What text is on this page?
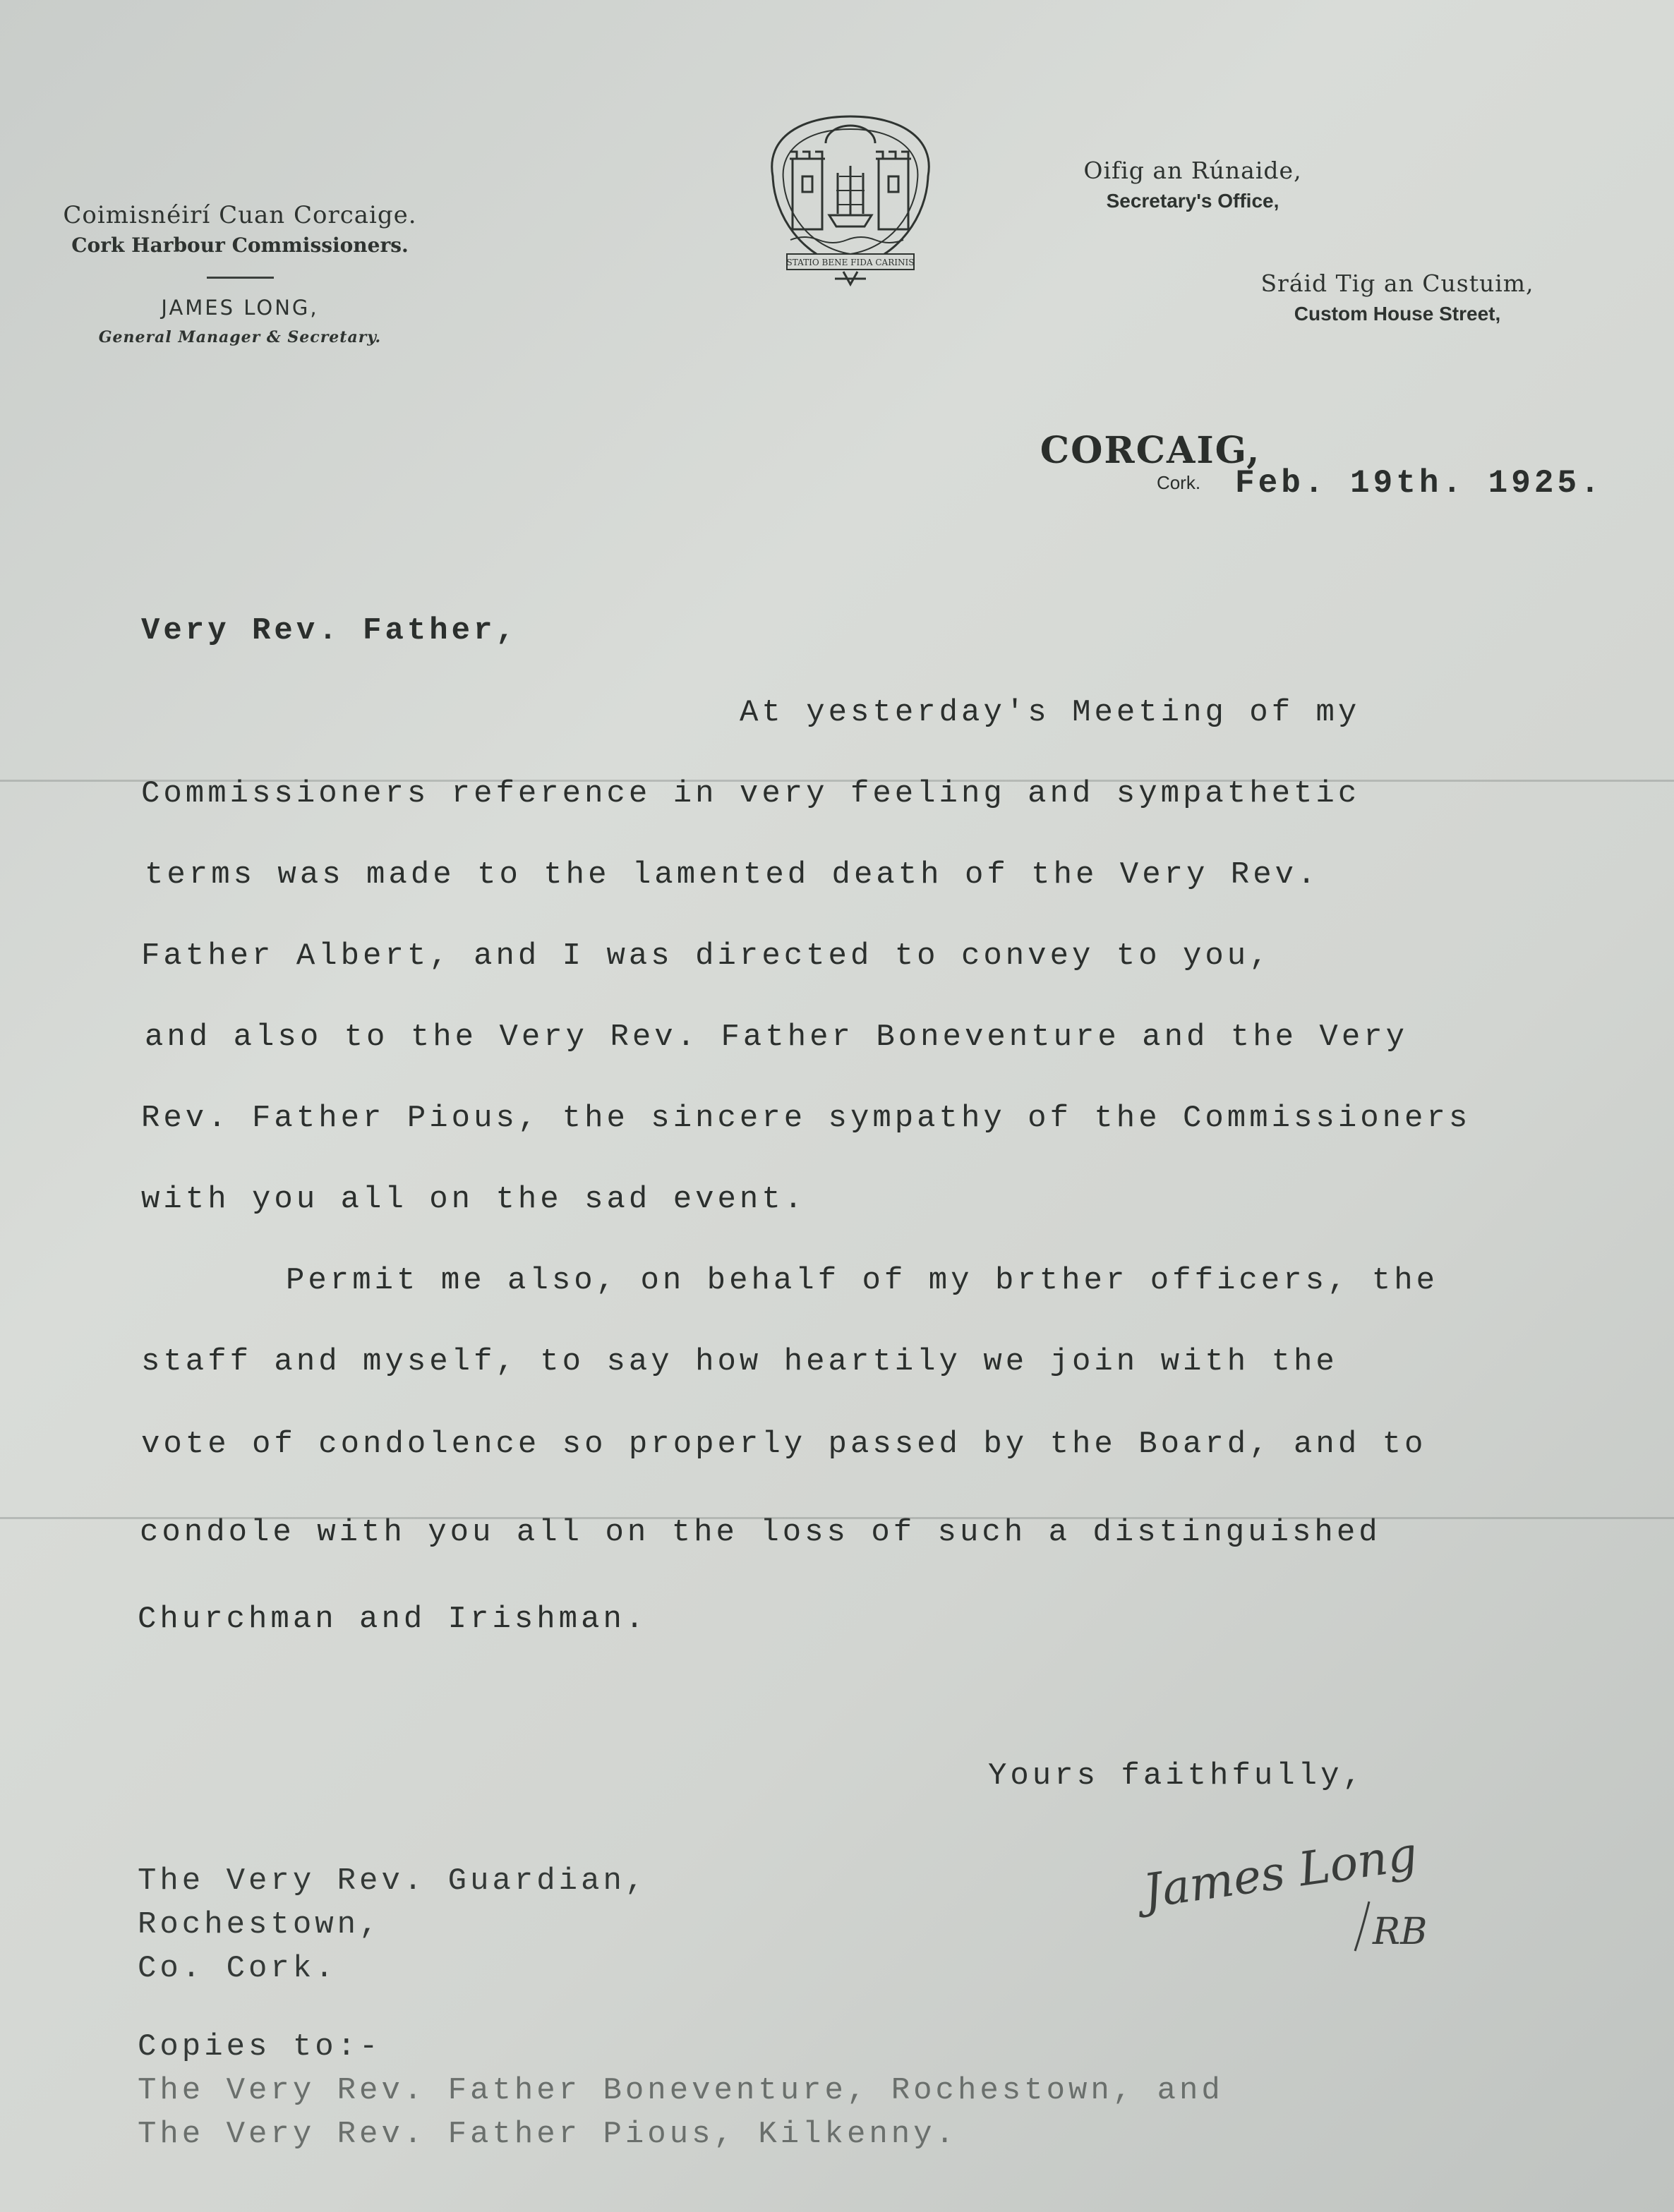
Coimisnéirí Cuan Corcaige.
Cork Harbour Commissioners.
JAMES LONG,
General Manager & Secretary.
STATIO BENE FIDA CARINIS
Oifig an Rúnaide,
Secretary's Office,
Sráid Tig an Custuim,
Custom House Street,
CORCAIG,
Cork.	Feb. 19th. 1925.
Very Rev. Father,
At yesterday's Meeting of my
Commissioners reference in very feeling and sympathetic
terms was made to the lamented death of the Very Rev.
Father Albert, and I was directed to convey to you,
and also to the Very Rev. Father Boneventure and the Very
Rev. Father Pious, the sincere sympathy of the Commissioners
with you all on the sad event.
Permit me also, on behalf of my brther officers, the
staff and myself, to say how heartily we join with the
vote of condolence so properly passed by the Board, and to
condole with you all on the loss of such a distinguished
Churchman and Irishman.
Yours faithfully,
James Long
RB
The Very Rev. Guardian,
Rochestown,
Co. Cork.
Copies to:-
The Very Rev. Father Boneventure, Rochestown, and
The Very Rev. Father Pious, Kilkenny.
